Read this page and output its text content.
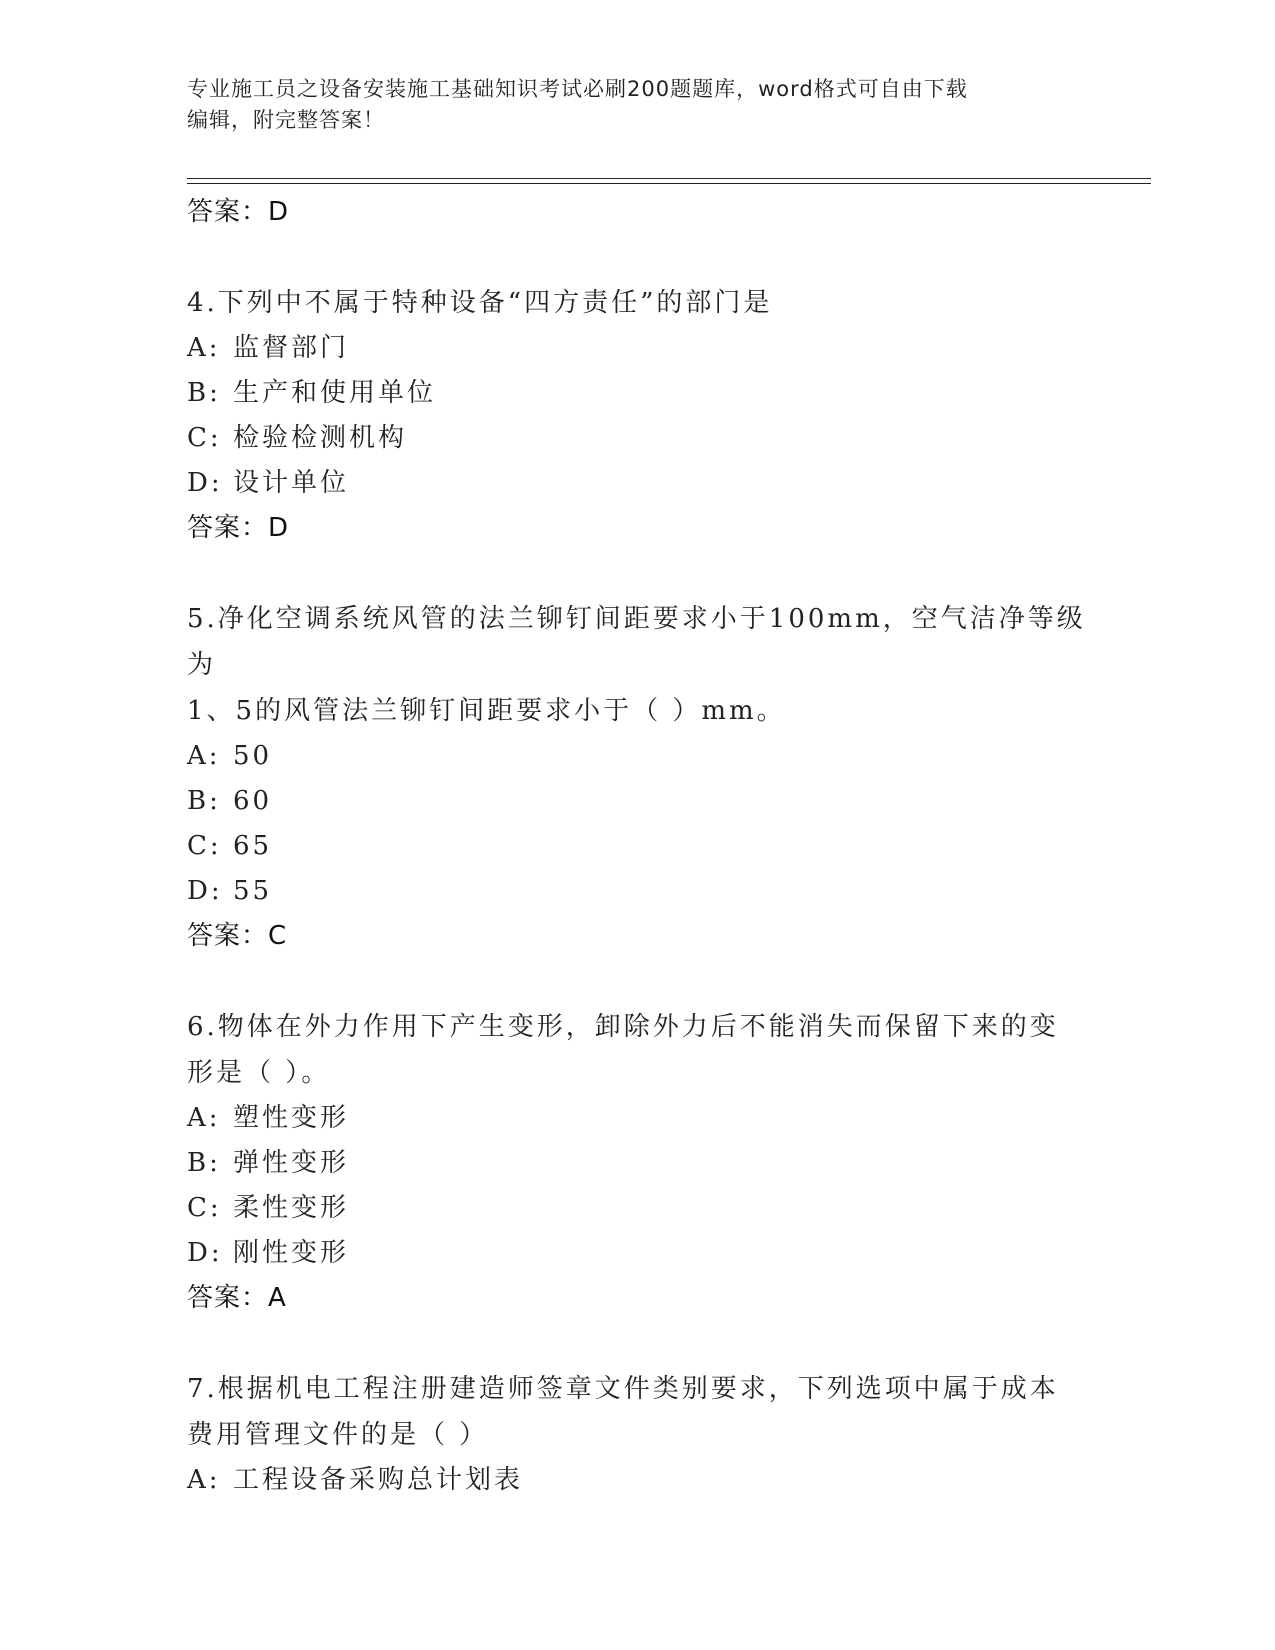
专业施工员之设备安装施工基础知识考试必刷200题题库，word格式可自由下载
编辑，附完整答案！
答案：D
4.下列中不属于特种设备“四方责任”的部门是
A: 监督部门
B: 生产和使用单位
C: 检验检测机构
D: 设计单位
答案：D
5.净化空调系统风管的法兰铆钉间距要求小于100mm，空气洁净等级为
1、5的风管法兰铆钉间距要求小于（ ）mm。
A: 50
B: 60
C: 65
D: 55
答案：C
6.物体在外力作用下产生变形，卸除外力后不能消失而保留下来的变
形是（ ）。
A: 塑性变形
B: 弹性变形
C: 柔性变形
D: 刚性变形
答案：A
7.根据机电工程注册建造师签章文件类别要求，下列选项中属于成本
费用管理文件的是（ ）
A: 工程设备采购总计划表
